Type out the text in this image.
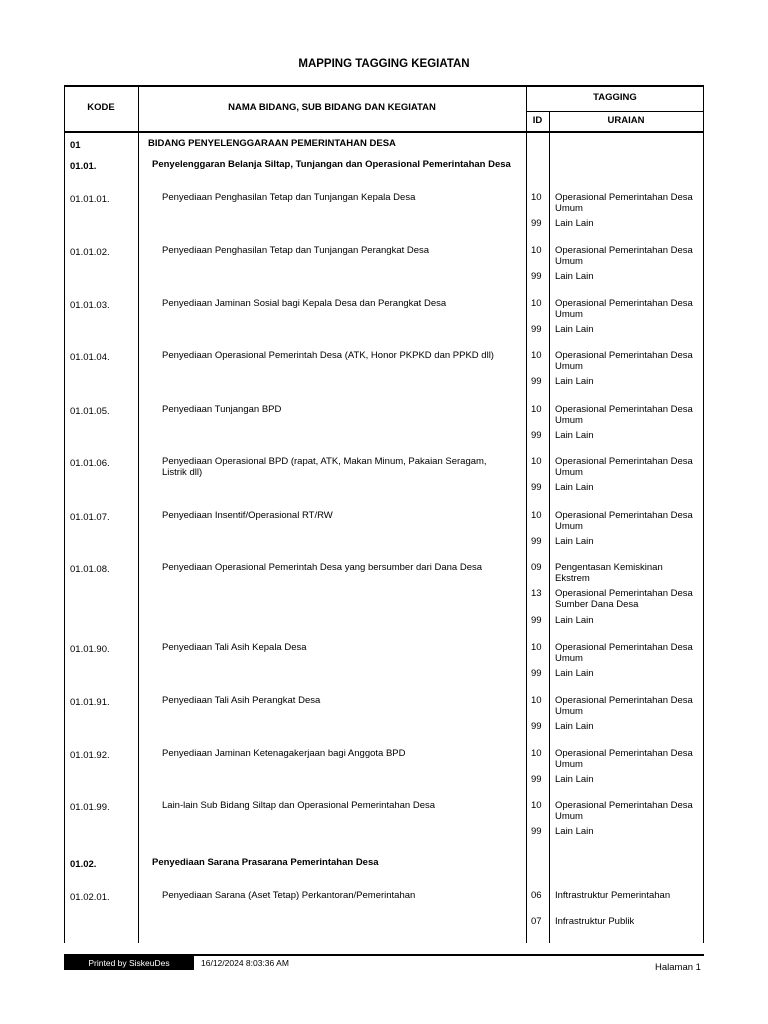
MAPPING TAGGING KEGIATAN
KODE	NAMA BIDANG, SUB BIDANG DAN KEGIATAN
TAGGING
ID	URAIAN
01	BIDANG PENYELENGGARAAN PEMERINTAHAN DESA
01.01.	Penyelenggaran Belanja Siltap, Tunjangan dan Operasional Pemerintahan Desa
01.01.01.	Penyediaan Penghasilan Tetap dan Tunjangan Kepala Desa	10 Operasional Pemerintahan Desa Umum
99 Lain Lain
01.01.02.	Penyediaan Penghasilan Tetap dan Tunjangan Perangkat Desa	10 Operasional Pemerintahan Desa Umum
99 Lain Lain
01.01.03.	Penyediaan Jaminan Sosial bagi Kepala Desa dan Perangkat Desa	10 Operasional Pemerintahan Desa Umum
99 Lain Lain
01.01.04.	Penyediaan Operasional Pemerintah Desa (ATK, Honor PKPKD dan PPKD dll)	10 Operasional Pemerintahan Desa Umum
99 Lain Lain
01.01.05.	Penyediaan Tunjangan BPD	10 Operasional Pemerintahan Desa Umum
99 Lain Lain
01.01.06.	Penyediaan Operasional BPD (rapat, ATK, Makan Minum, Pakaian Seragam, Listrik dll)
10 Operasional Pemerintahan Desa Umum
99 Lain Lain
01.01.07.	Penyediaan Insentif/Operasional RT/RW	10 Operasional Pemerintahan Desa Umum
99 Lain Lain
01.01.08.	Penyediaan Operasional Pemerintah Desa yang bersumber dari Dana Desa	09 Pengentasan Kemiskinan Ekstrem
13 Operasional Pemerintahan Desa Sumber Dana Desa
99 Lain Lain
01.01.90.	Penyediaan Tali Asih Kepala Desa	10 Operasional Pemerintahan Desa Umum
99 Lain Lain
01.01.91.	Penyediaan Tali Asih Perangkat Desa	10 Operasional Pemerintahan Desa Umum
99 Lain Lain
01.01.92.	Penyediaan Jaminan Ketenagakerjaan bagi Anggota BPD	10 Operasional Pemerintahan Desa Umum
99 Lain Lain
01.01.99.	Lain-lain Sub Bidang Siltap dan Operasional Pemerintahan Desa	10 Operasional Pemerintahan Desa Umum
99 Lain Lain
01.02.	Penyediaan Sarana Prasarana Pemerintahan Desa
01.02.01.	Penyediaan Sarana (Aset Tetap) Perkantoran/Pemerintahan	06 Inftrastruktur Pemerintahan
07 Infrastruktur Publik
Printed by SiskeuDes	16/12/2024 8:03:36 AM	Halaman 1
